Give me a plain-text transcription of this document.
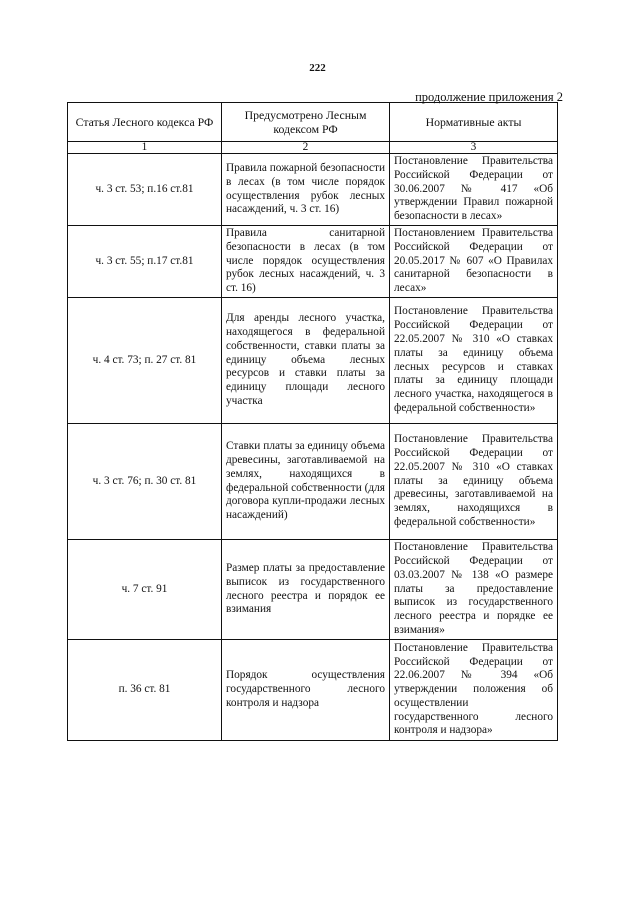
222
продолжение приложения 2
Статья Лесного кодекса РФ	Предусмотрено Лесным кодексом РФ	Нормативные акты
1	2	3
ч. 3 ст. 53; п.16 ст.81	Правила пожарной безопасности в лесах (в том числе порядок осуществления рубок лесных насаждений, ч. 3 ст. 16)	Постановление Правительства Российской Федерации от 30.06.2007 № 417 «Об утверждении Правил пожарной безопасности в лесах»
ч. 3 ст. 55; п.17 ст.81	Правила санитарной безопасности в лесах (в том числе порядок осуществления рубок лесных насаждений, ч. 3 ст. 16)	Постановлением Правительства Российской Федерации от 20.05.2017 № 607 «О Правилах санитарной безопасности в лесах»
ч. 4 ст. 73; п. 27 ст. 81	Для аренды лесного участка, находящегося в федеральной собственности, ставки платы за единицу объема лесных ресурсов и ставки платы за единицу площади лесного участка	Постановление Правительства Российской Федерации от 22.05.2007 № 310 «О ставках платы за единицу объема лесных ресурсов и ставках платы за единицу площади лесного участка, находящегося в федеральной собственности»
ч. 3 ст. 76; п. 30 ст. 81	Ставки платы за единицу объема древесины, заготавливаемой на землях, находящихся в федеральной собственности (для договора купли-продажи лесных насаждений)	Постановление Правительства Российской Федерации от 22.05.2007 № 310 «О ставках платы за единицу объема древесины, заготавливаемой на землях, находящихся в федеральной собственности»
ч. 7 ст. 91	Размер платы за предоставление выписок из государственного лесного реестра и порядок ее взимания	Постановление Правительства Российской Федерации от 03.03.2007 № 138 «О размере платы за предоставление выписок из государственного лесного реестра и порядке ее взимания»
п. 36 ст. 81	Порядок осуществления государственного лесного контроля и надзора	Постановление Правительства Российской Федерации от 22.06.2007 № 394 «Об утверждении положения об осуществлении государственного лесного контроля и надзора»
